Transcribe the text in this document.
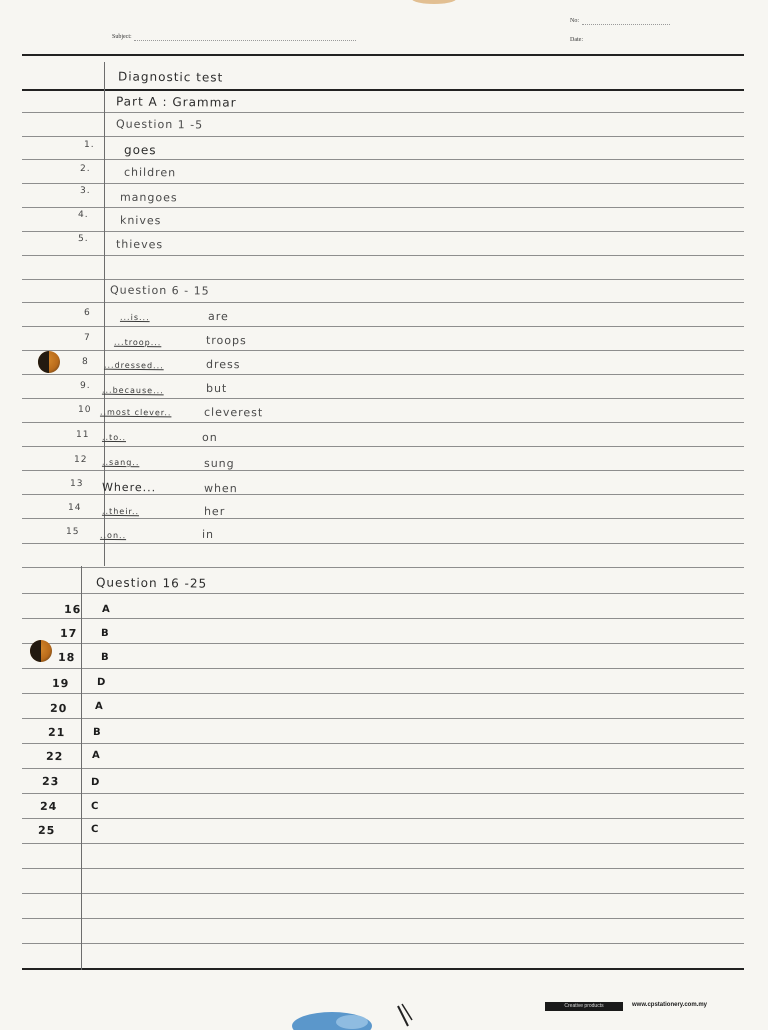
Subject:
No:
Date:
Diagnostic test
Part A : Grammar
Question 1 -5
1. goes
2.	children
3.	mangoes
4.	knives
5. thieves
Question 6 - 15
6	...is...	are
7	...troop...	troops
8 ...dressed...	dress
9. ...because...	but
10 ..most clever..	cleverest
11 ..to..	on
12 ..sang..	sung
13 Where...	when
14	..their..	her
15	..on..	in
Question 16 -25
16 A
17 B
18	B
19	D
20	A
21	B
22	A
23	D
24	C
25	C
Creative products	www.cpstationery.com.my
